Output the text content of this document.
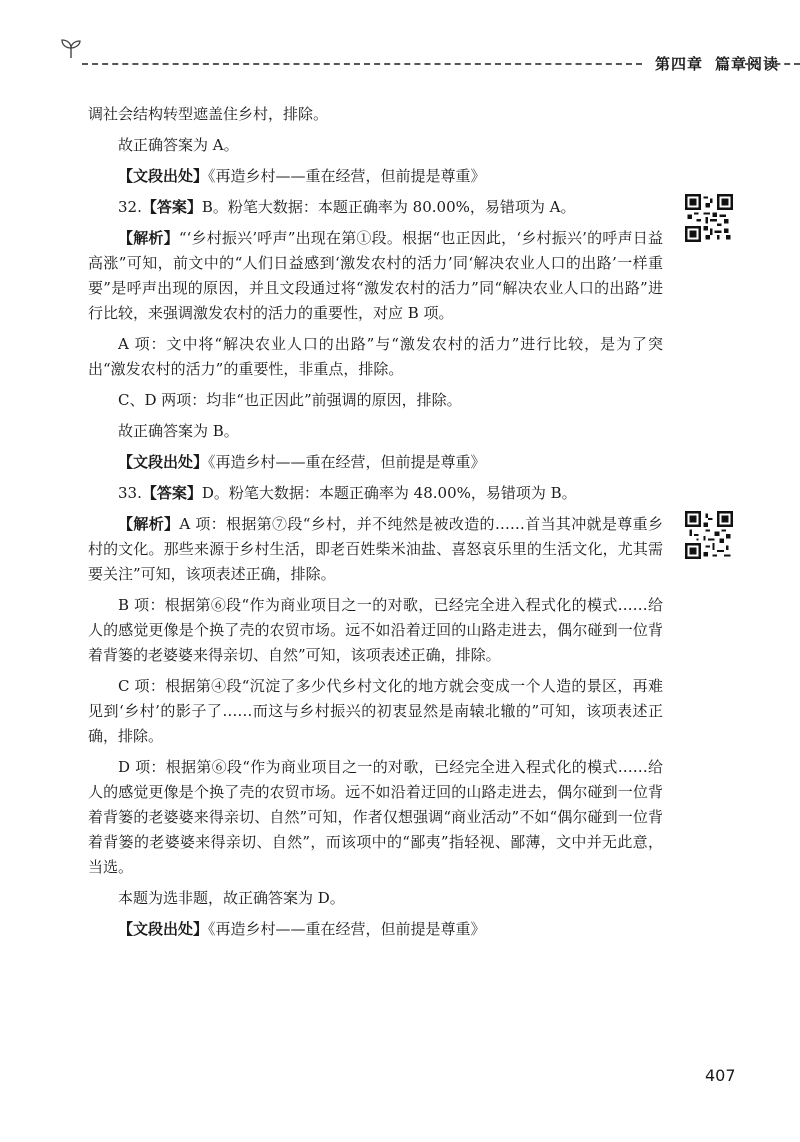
第四章 篇章阅读

调社会结构转型遮盖住乡村，排除。

故正确答案为 A。

【文段出处】《再造乡村——重在经营，但前提是尊重》

32.【答案】B。粉笔大数据：本题正确率为 80.00%，易错项为 A。

【解析】“‘乡村振兴’呼声”出现在第①段。根据“也正因此，‘乡村振兴’的呼声日益高涨”可知，前文中的“人们日益感到‘激发农村的活力’同‘解决农业人口的出路’一样重要”是呼声出现的原因，并且文段通过将“激发农村的活力”同“解决农业人口的出路”进行比较，来强调激发农村的活力的重要性，对应 B 项。

A 项：文中将“解决农业人口的出路”与“激发农村的活力”进行比较，是为了突出“激发农村的活力”的重要性，非重点，排除。

C、D 两项：均非“也正因此”前强调的原因，排除。

故正确答案为 B。

【文段出处】《再造乡村——重在经营，但前提是尊重》

33.【答案】D。粉笔大数据：本题正确率为 48.00%，易错项为 B。

【解析】A 项：根据第⑦段“乡村，并不纯然是被改造的……首当其冲就是尊重乡村的文化。那些来源于乡村生活，即老百姓柴米油盐、喜怒哀乐里的生活文化，尤其需要关注”可知，该项表述正确，排除。

B 项：根据第⑥段“作为商业项目之一的对歌，已经完全进入程式化的模式……给人的感觉更像是个换了壳的农贸市场。远不如沿着迂回的山路走进去，偶尔碰到一位背着背篓的老婆婆来得亲切、自然”可知，该项表述正确，排除。

C 项：根据第④段“沉淀了多少代乡村文化的地方就会变成一个人造的景区，再难见到‘乡村’的影子了……而这与乡村振兴的初衷显然是南辕北辙的”可知，该项表述正确，排除。

D 项：根据第⑥段“作为商业项目之一的对歌，已经完全进入程式化的模式……给人的感觉更像是个换了壳的农贸市场。远不如沿着迂回的山路走进去，偶尔碰到一位背着背篓的老婆婆来得亲切、自然”可知，作者仅想强调“商业活动”不如“偶尔碰到一位背着背篓的老婆婆来得亲切、自然”，而该项中的“鄙夷”指轻视、鄙薄，文中并无此意，当选。

本题为选非题，故正确答案为 D。

【文段出处】《再造乡村——重在经营，但前提是尊重》

407
